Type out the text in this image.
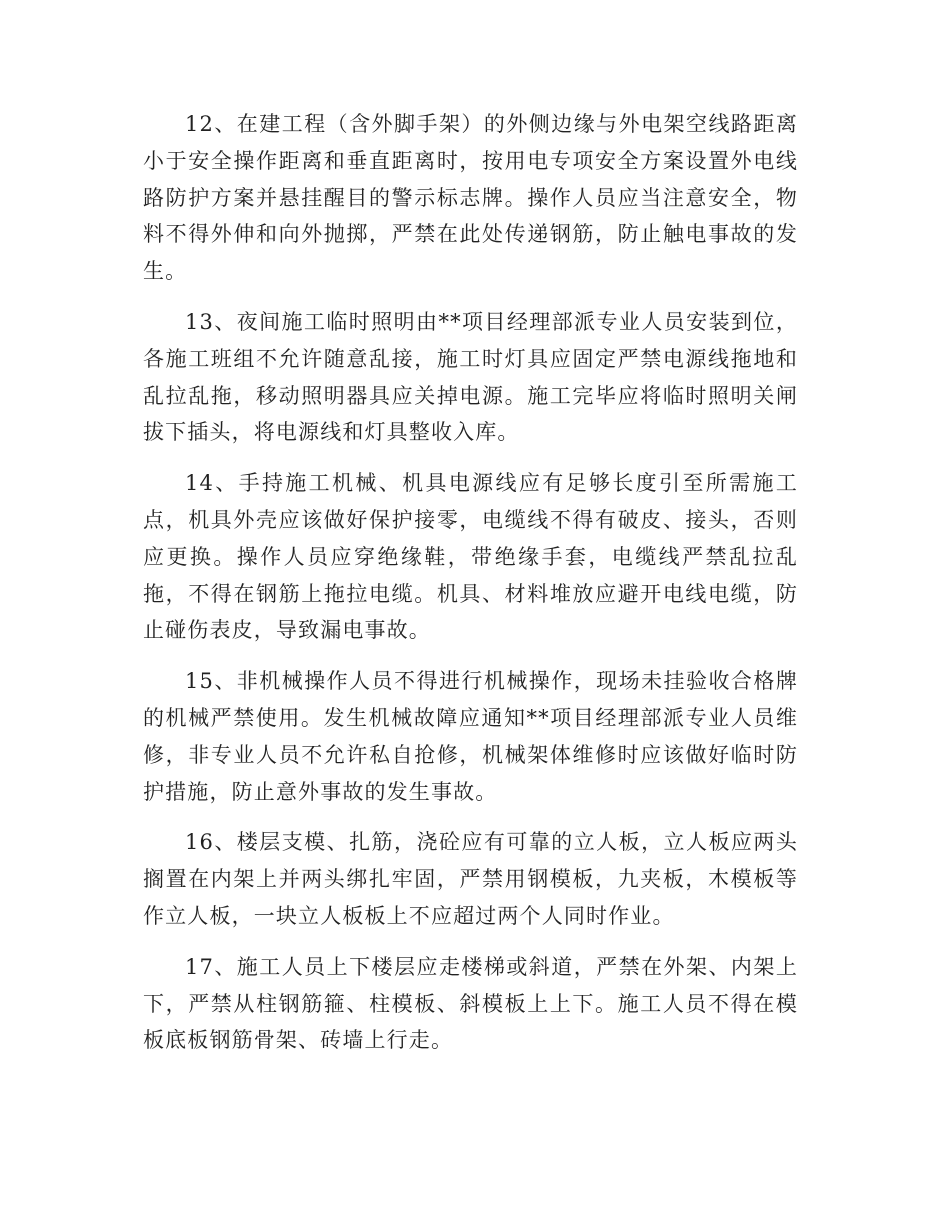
12、在建工程（含外脚手架）的外侧边缘与外电架空线路距离小于安全操作距离和垂直距离时，按用电专项安全方案设置外电线路防护方案并悬挂醒目的警示标志牌。操作人员应当注意安全，物料不得外伸和向外抛掷，严禁在此处传递钢筋，防止触电事故的发生。

13、夜间施工临时照明由**项目经理部派专业人员安装到位，各施工班组不允许随意乱接，施工时灯具应固定严禁电源线拖地和乱拉乱拖，移动照明器具应关掉电源。施工完毕应将临时照明关闸拔下插头，将电源线和灯具整收入库。

14、手持施工机械、机具电源线应有足够长度引至所需施工点，机具外壳应该做好保护接零，电缆线不得有破皮、接头，否则应更换。操作人员应穿绝缘鞋，带绝缘手套，电缆线严禁乱拉乱拖，不得在钢筋上拖拉电缆。机具、材料堆放应避开电线电缆，防止碰伤表皮，导致漏电事故。

15、非机械操作人员不得进行机械操作，现场未挂验收合格牌的机械严禁使用。发生机械故障应通知**项目经理部派专业人员维修，非专业人员不允许私自抢修，机械架体维修时应该做好临时防护措施，防止意外事故的发生事故。

16、楼层支模、扎筋，浇砼应有可靠的立人板，立人板应两头搁置在内架上并两头绑扎牢固，严禁用钢模板，九夹板，木模板等作立人板，一块立人板板上不应超过两个人同时作业。

17、施工人员上下楼层应走楼梯或斜道，严禁在外架、内架上下，严禁从柱钢筋箍、柱模板、斜模板上上下。施工人员不得在模板底板钢筋骨架、砖墙上行走。
